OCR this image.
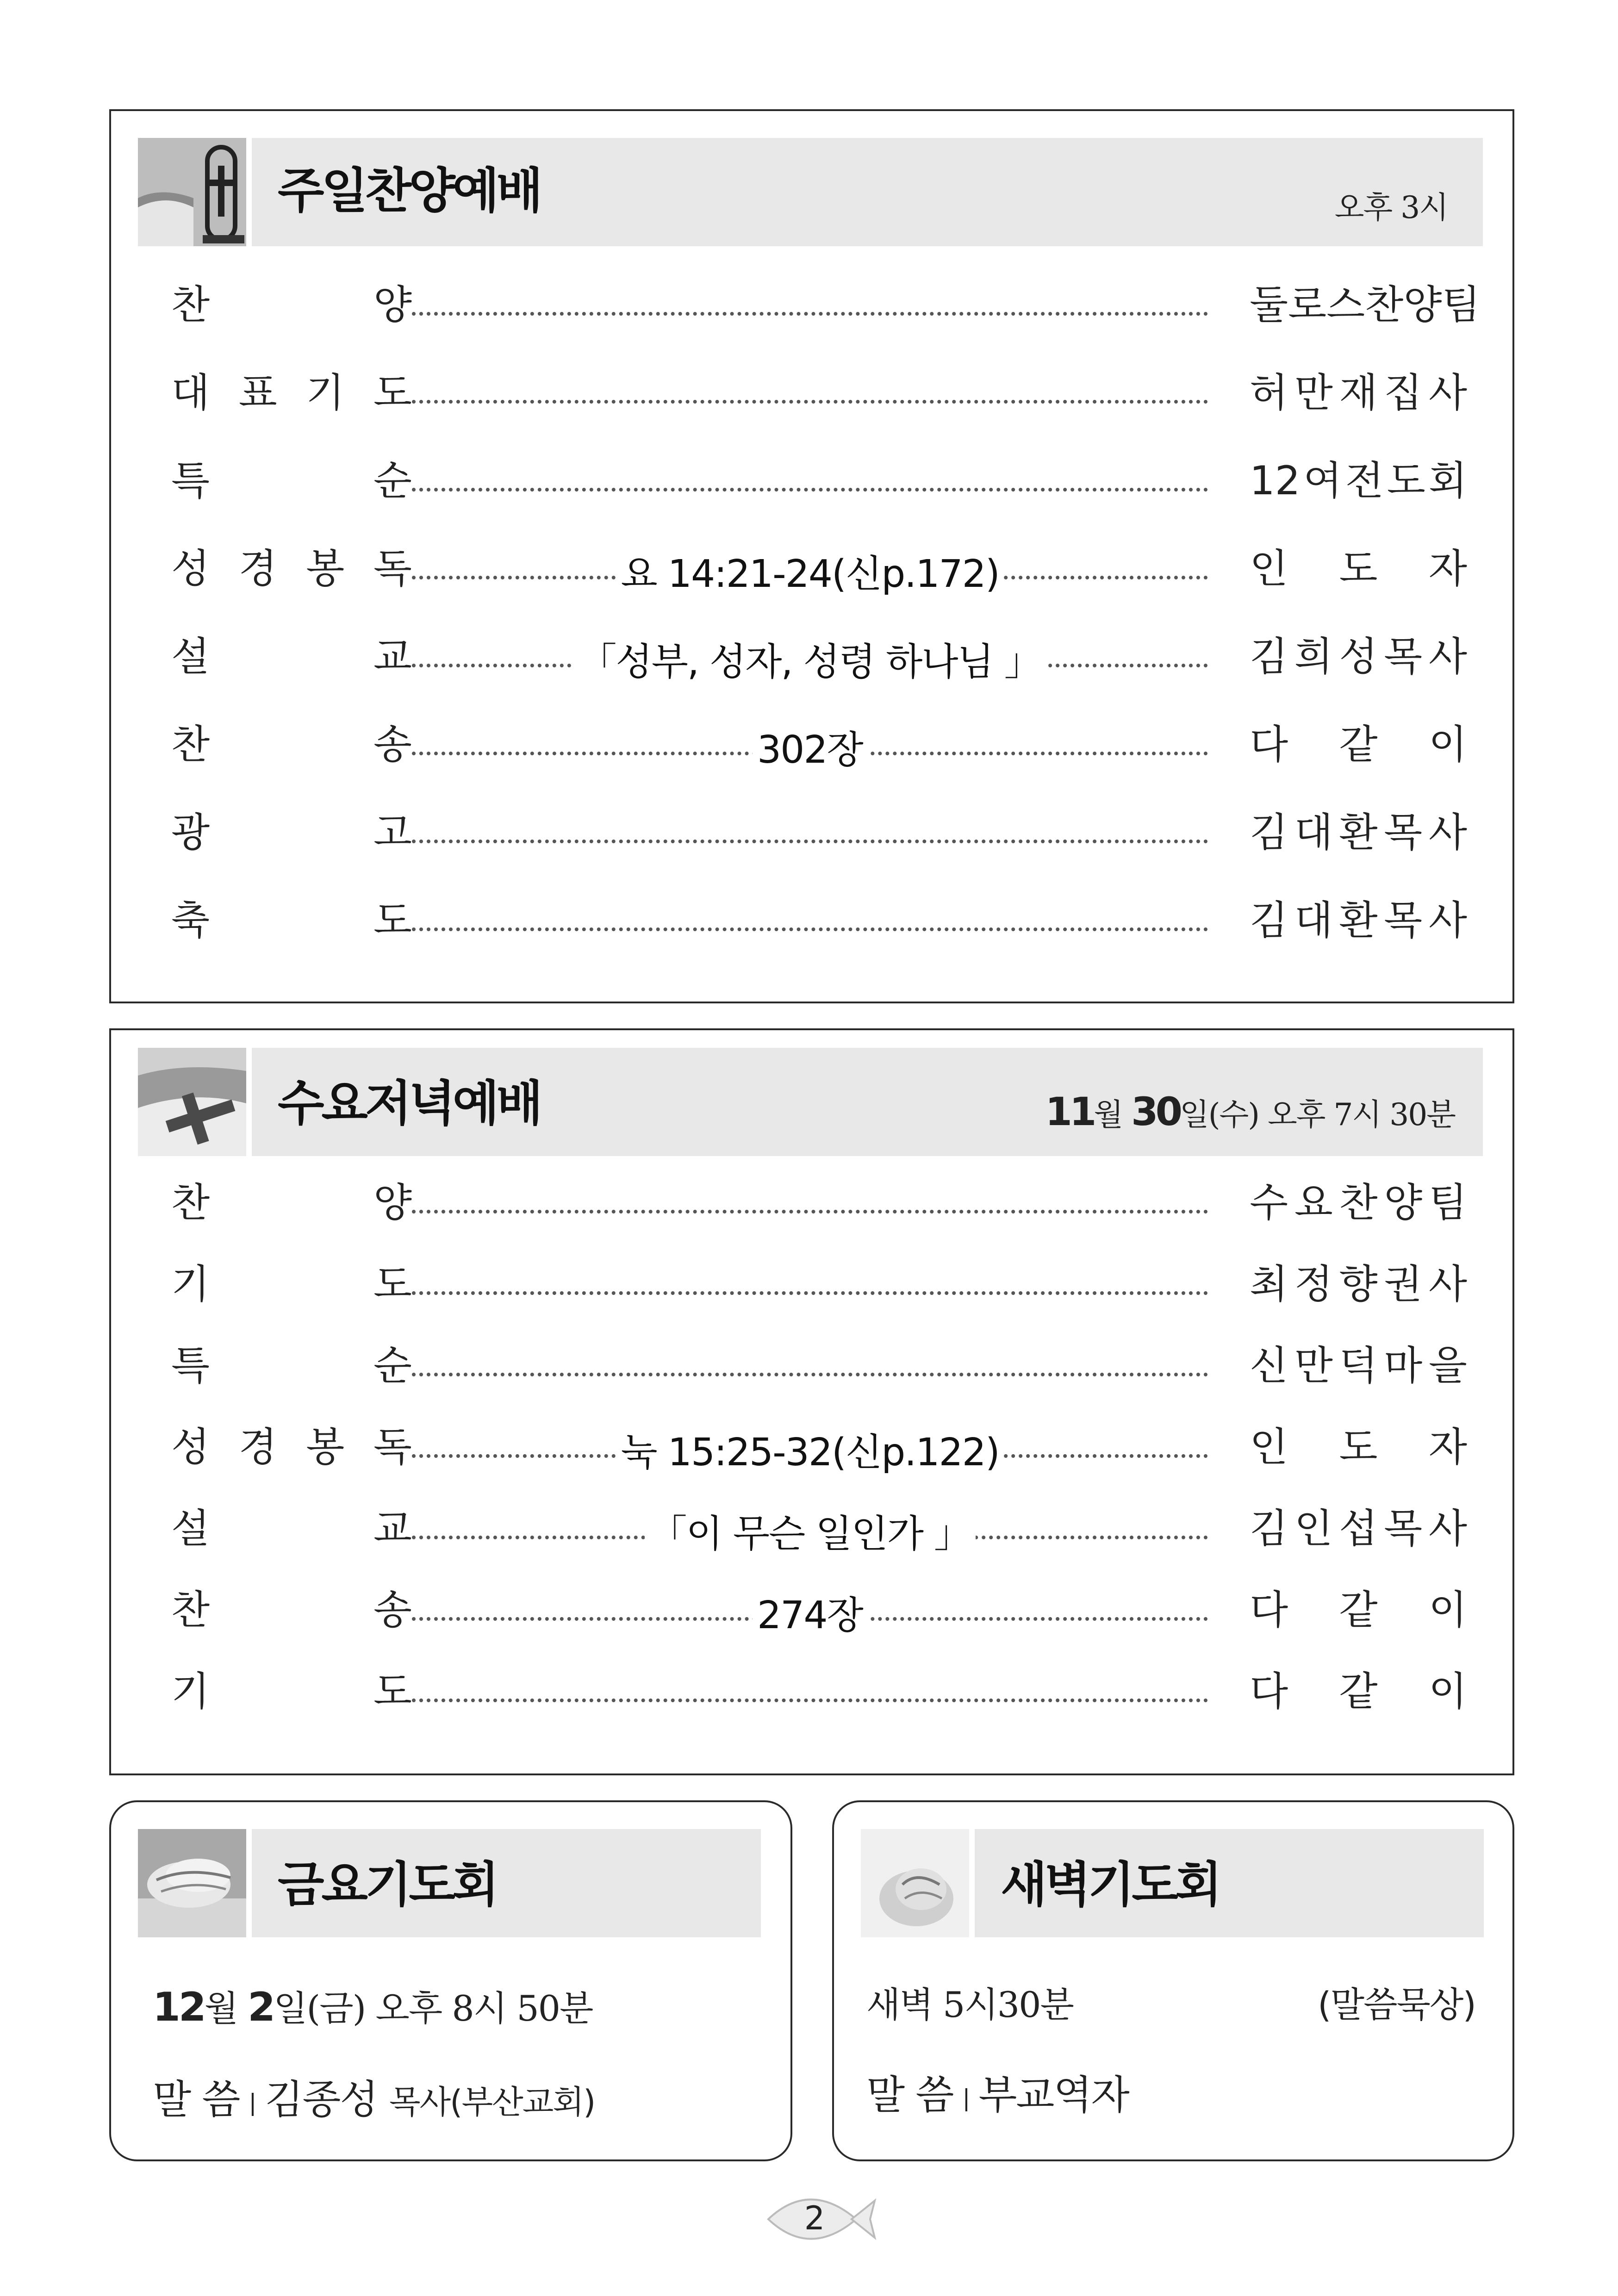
주일찬양예배	오후 3시
찬	양	둘 로 스 찬 양 팀
대 표 기 도	허 만 재 집 사
특	순	12 여 전 도 회
성 경 봉 독	요 14:21-24(신p.172)	인 도 자
설	교	「성부, 성자, 성령 하나님 」	김 희 성 목 사
찬	송	302장	다 같 이
광	고	김 대 환 목 사
축	도	김 대 환 목 사
수요저녁예배	11월 30일(수) 오후 7시 30분
찬	양	수 요 찬 양 팀
기	도	최 정 향 권 사
특	순	신 만 덕 마 을
성 경 봉 독	눅 15:25-32(신p.122)	인 도 자
설	교	「이 무슨 일인가 」	김 인 섭 목 사
찬	송	274장	다 같 이
기	도	다 같 이
금요기도회
12월 2일(금) 오후 8시 50분
말 씀 | 김종성 목사(부산교회)
새벽기도회
새벽 5시30분	(말씀묵상)
말 씀 | 부교역자
2
